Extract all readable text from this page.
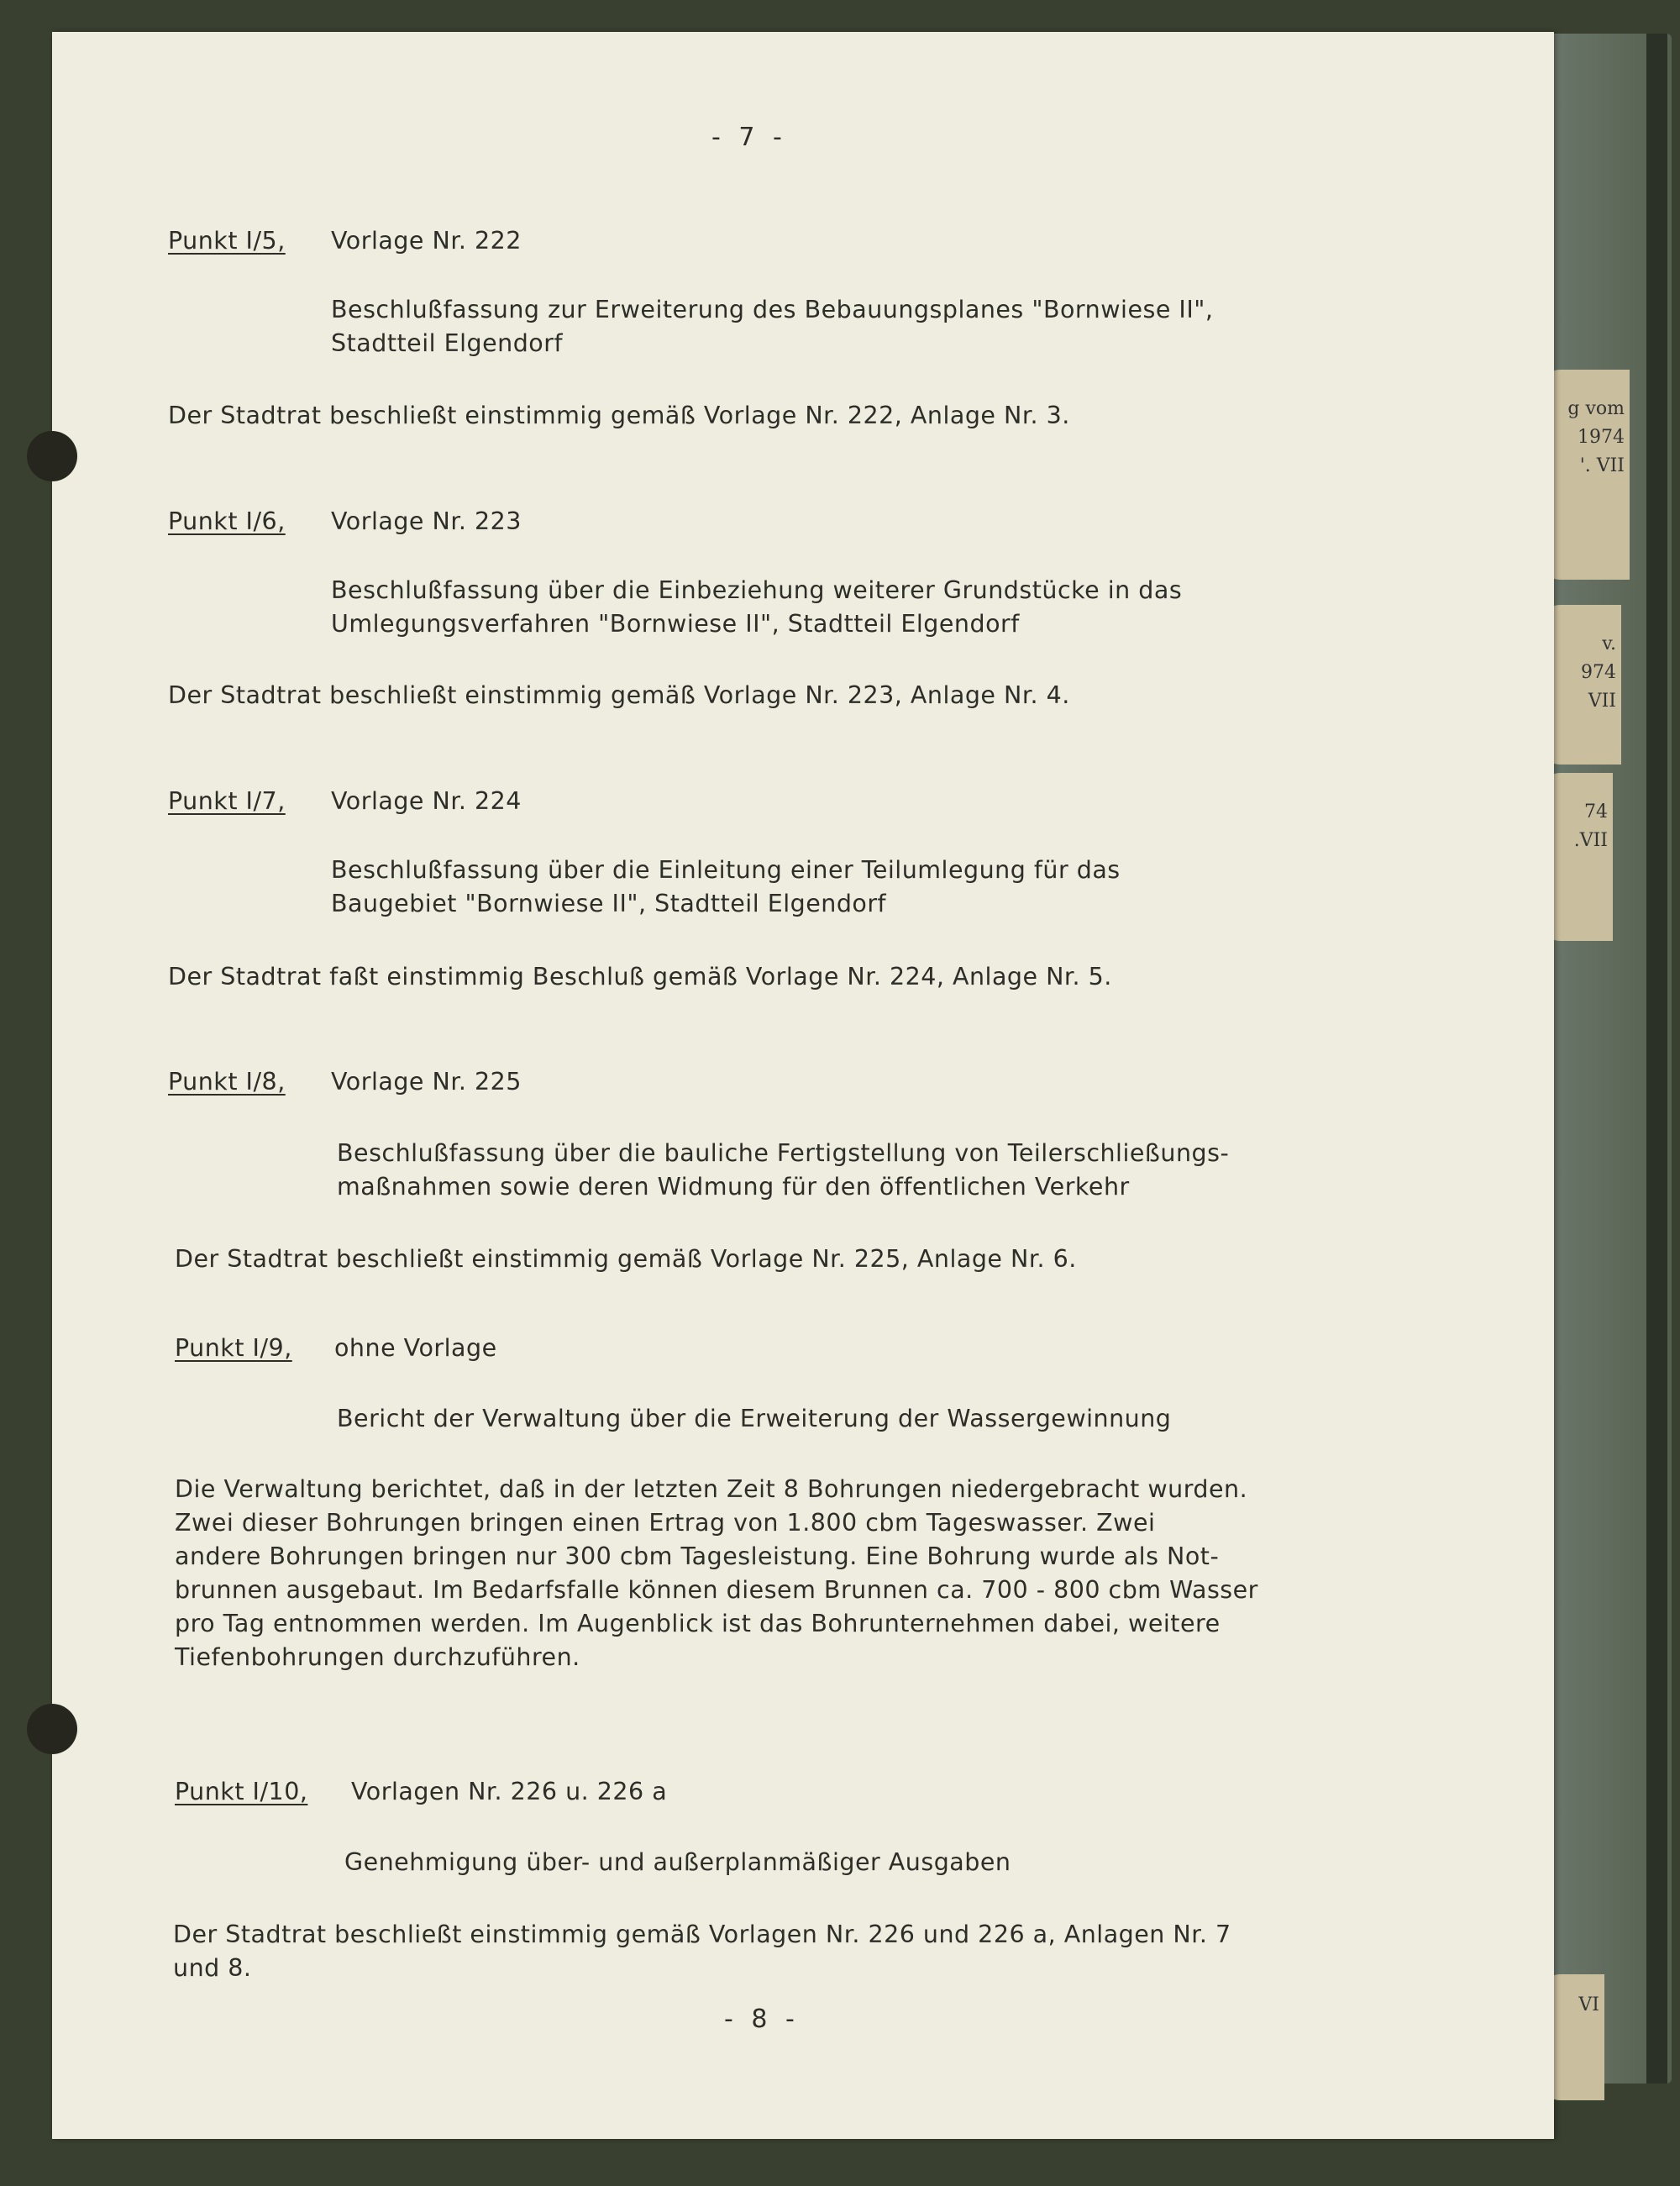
g vom
1974
'. VII
v.
974
VII
74
.VII
VI
- 7 -
Punkt I/5, Vorlage Nr. 222
Beschlußfassung zur Erweiterung des Bebauungsplanes "Bornwiese II",
Stadtteil Elgendorf
Der Stadtrat beschließt einstimmig gemäß Vorlage Nr. 222, Anlage Nr. 3.
Punkt I/6, Vorlage Nr. 223
Beschlußfassung über die Einbeziehung weiterer Grundstücke in das
Umlegungsverfahren "Bornwiese II", Stadtteil Elgendorf
Der Stadtrat beschließt einstimmig gemäß Vorlage Nr. 223, Anlage Nr. 4.
Punkt I/7, Vorlage Nr. 224
Beschlußfassung über die Einleitung einer Teilumlegung für das
Baugebiet "Bornwiese II", Stadtteil Elgendorf
Der Stadtrat faßt einstimmig Beschluß gemäß Vorlage Nr. 224, Anlage Nr. 5.
Punkt I/8, Vorlage Nr. 225
Beschlußfassung über die bauliche Fertigstellung von Teilerschließungs-
maßnahmen sowie deren Widmung für den öffentlichen Verkehr
Der Stadtrat beschließt einstimmig gemäß Vorlage Nr. 225, Anlage Nr. 6.
Punkt I/9, ohne Vorlage
Bericht der Verwaltung über die Erweiterung der Wassergewinnung
Die Verwaltung berichtet, daß in der letzten Zeit 8 Bohrungen niedergebracht wurden.
Zwei dieser Bohrungen bringen einen Ertrag von 1.800 cbm Tageswasser. Zwei
andere Bohrungen bringen nur 300 cbm Tagesleistung. Eine Bohrung wurde als Not-
brunnen ausgebaut. Im Bedarfsfalle können diesem Brunnen ca. 700 - 800 cbm Wasser
pro Tag entnommen werden. Im Augenblick ist das Bohrunternehmen dabei, weitere
Tiefenbohrungen durchzuführen.
Punkt I/10, Vorlagen Nr. 226 u. 226 a
Genehmigung über- und außerplanmäßiger Ausgaben
Der Stadtrat beschließt einstimmig gemäß Vorlagen Nr. 226 und 226 a, Anlagen Nr. 7
und 8.
- 8 -
